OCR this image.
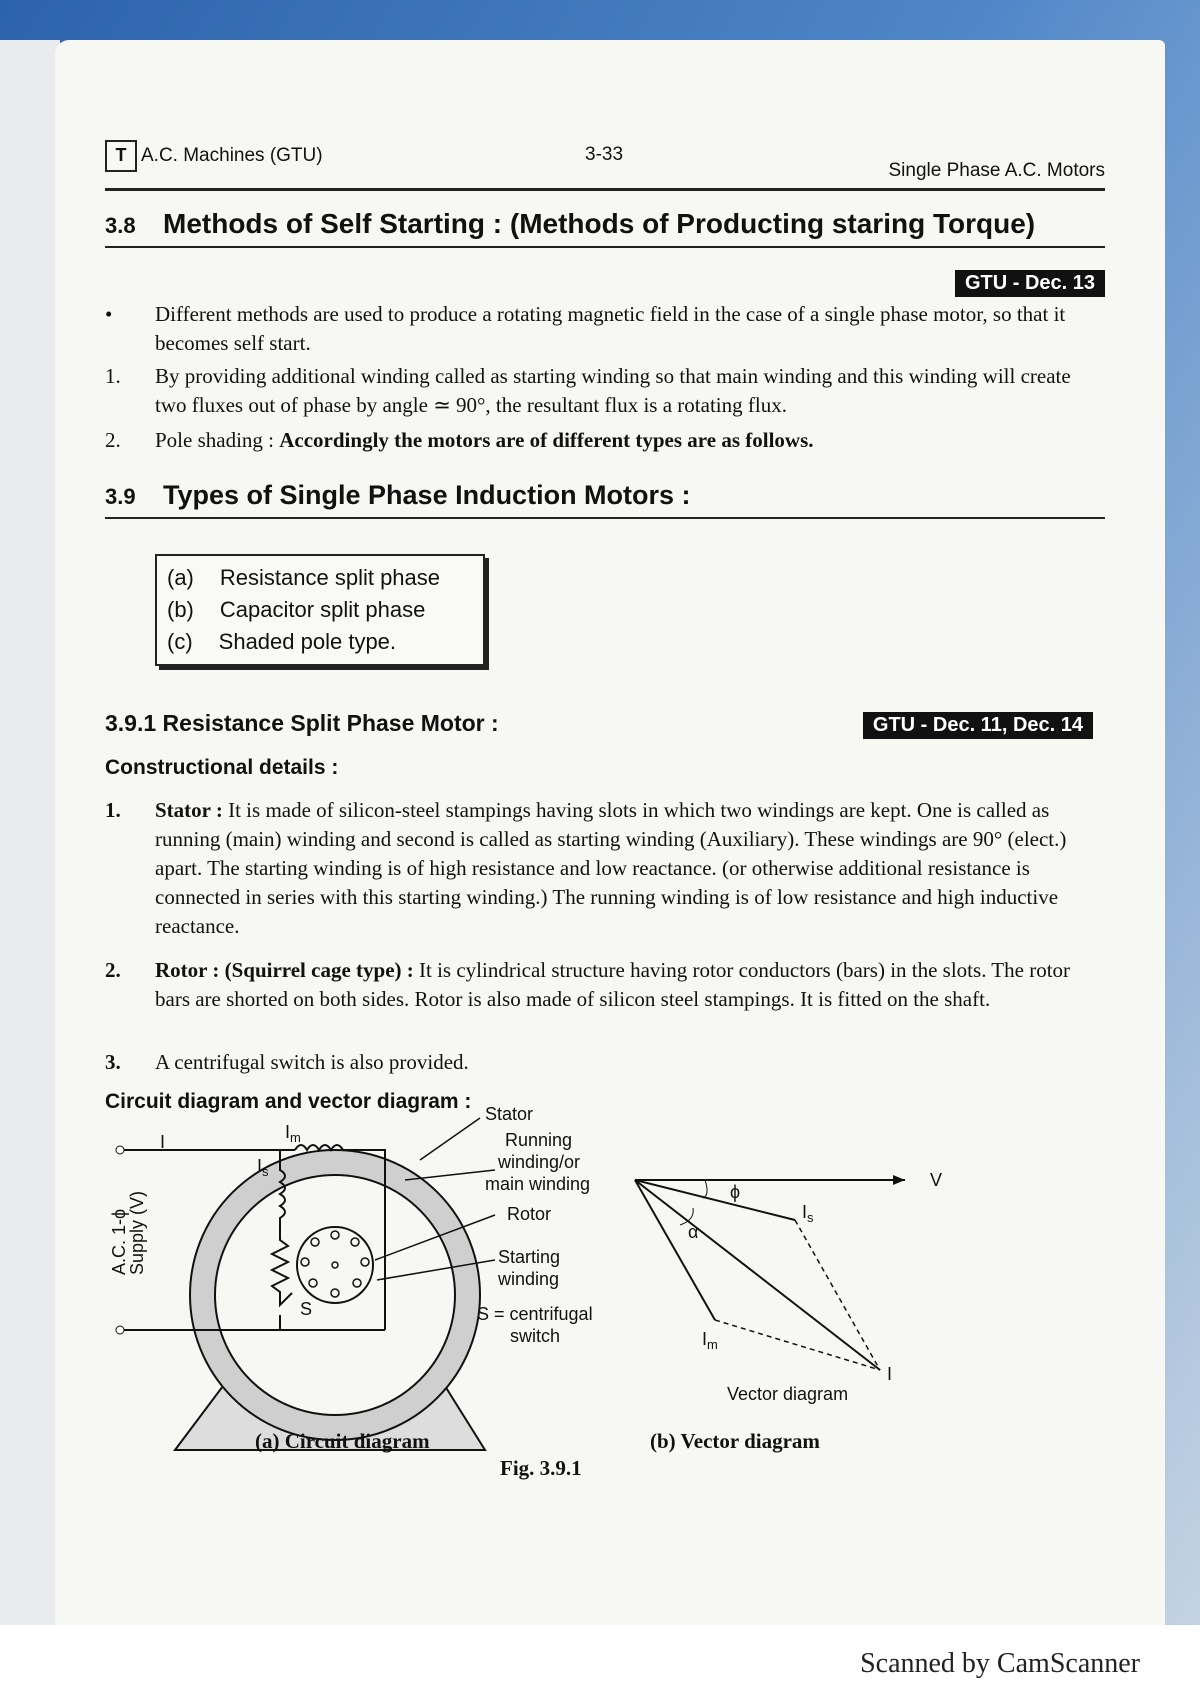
T A.C. Machines (GTU)	3-33
Single Phase A.C. Motors
3.8 Methods of Self Starting : (Methods of Producting staring Torque)
GTU - Dec. 13
• Different methods are used to produce a rotating magnetic field in the case of a single phase motor, so that it becomes self start.
1. By providing additional winding called as starting winding so that main winding and this winding will create two fluxes out of phase by angle ≃ 90°, the resultant flux is a rotating flux.
2. Pole shading : Accordingly the motors are of different types are as follows.
3.9 Types of Single Phase Induction Motors :
(a) Resistance split phase
(b) Capacitor split phase
(c) Shaded pole type.
3.9.1 Resistance Split Phase Motor :	GTU - Dec. 11, Dec. 14
Constructional details :
1. Stator : It is made of silicon-steel stampings having slots in which two windings are kept. One is called as running (main) winding and second is called as starting winding (Auxiliary). These windings are 90° (elect.) apart. The starting winding is of high resistance and low reactance. (or otherwise additional resistance is connected in series with this starting winding.) The running winding is of low resistance and high inductive reactance.
2. Rotor : (Squirrel cage type) : It is cylindrical structure having rotor conductors (bars) in the slots. The rotor bars are shorted on both sides. Rotor is also made of silicon steel stampings. It is fitted on the shaft.
3. A centrifugal switch is also provided.
Circuit diagram and vector diagram :
I	$I_m$
$I_s$
S
A.C. 1-ϕSupply (V)
Stator
Running
winding/or
main winding
Rotor
Starting
winding
S = centrifugal
switch
V
ϕ
α
$I_s$
$I_m$
I
Vector diagram
(a) Circuit diagram	(b) Vector diagram
Fig. 3.9.1
Scanned by CamScanner
